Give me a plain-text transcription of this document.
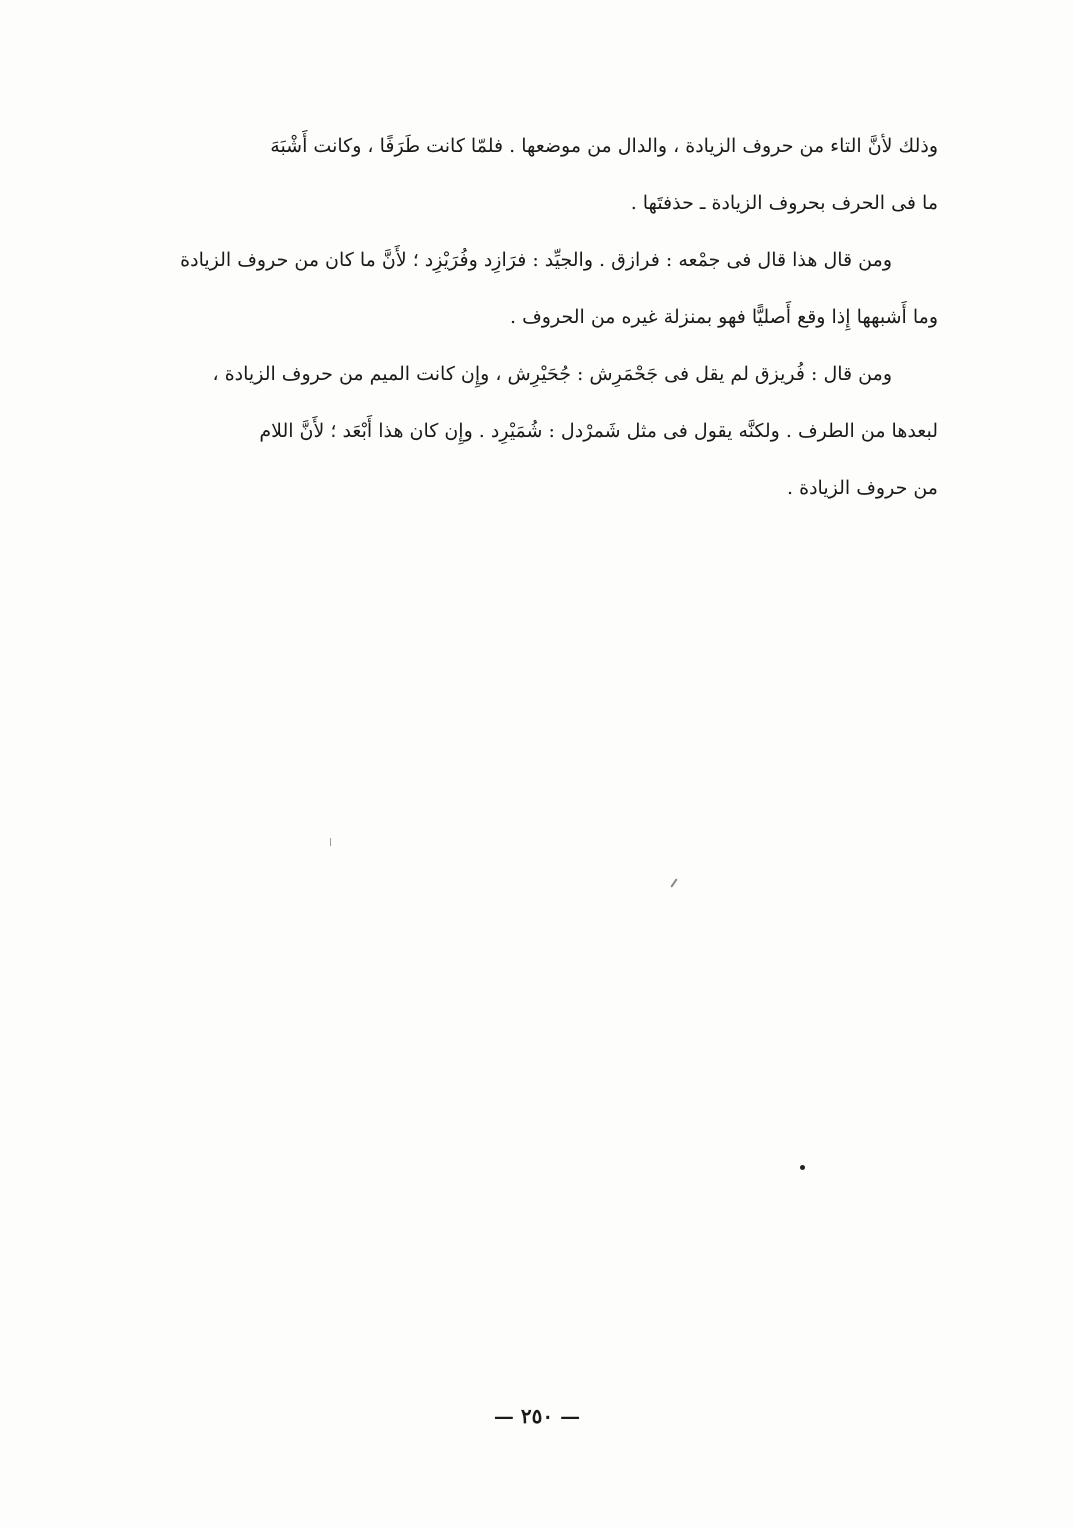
وذلك لأنَّ التاء من حروف الزيادة ، والدال من موضعها . فلمّا كانت طَرَفًا ، وكانت أَشْبَهَ
ما فى الحرف بحروف الزيادة ـ حذفتَها .

ومن قال هذا قال فى جمْعه : فرازق . والجيِّد : فرَازِد وفُرَيْزِد ؛ لأَنَّ ما كان من حروف الزيادة
وما أَشبهها إِذا وقع أَصليًّا فهو بمنزلة غيره من الحروف .

ومن قال : فُريزق لم يقل فى جَحْمَرِش : جُحَيْرِش ، وإِن كانت الميم من حروف الزيادة ،
لبعدها من الطرف . ولكنَّه يقول فى مثل شَمرْدل : شُمَيْرِد . وإِن كان هذا أَبْعَد ؛ لأَنَّ اللام
من حروف الزيادة .

— ٢٥٠ —
